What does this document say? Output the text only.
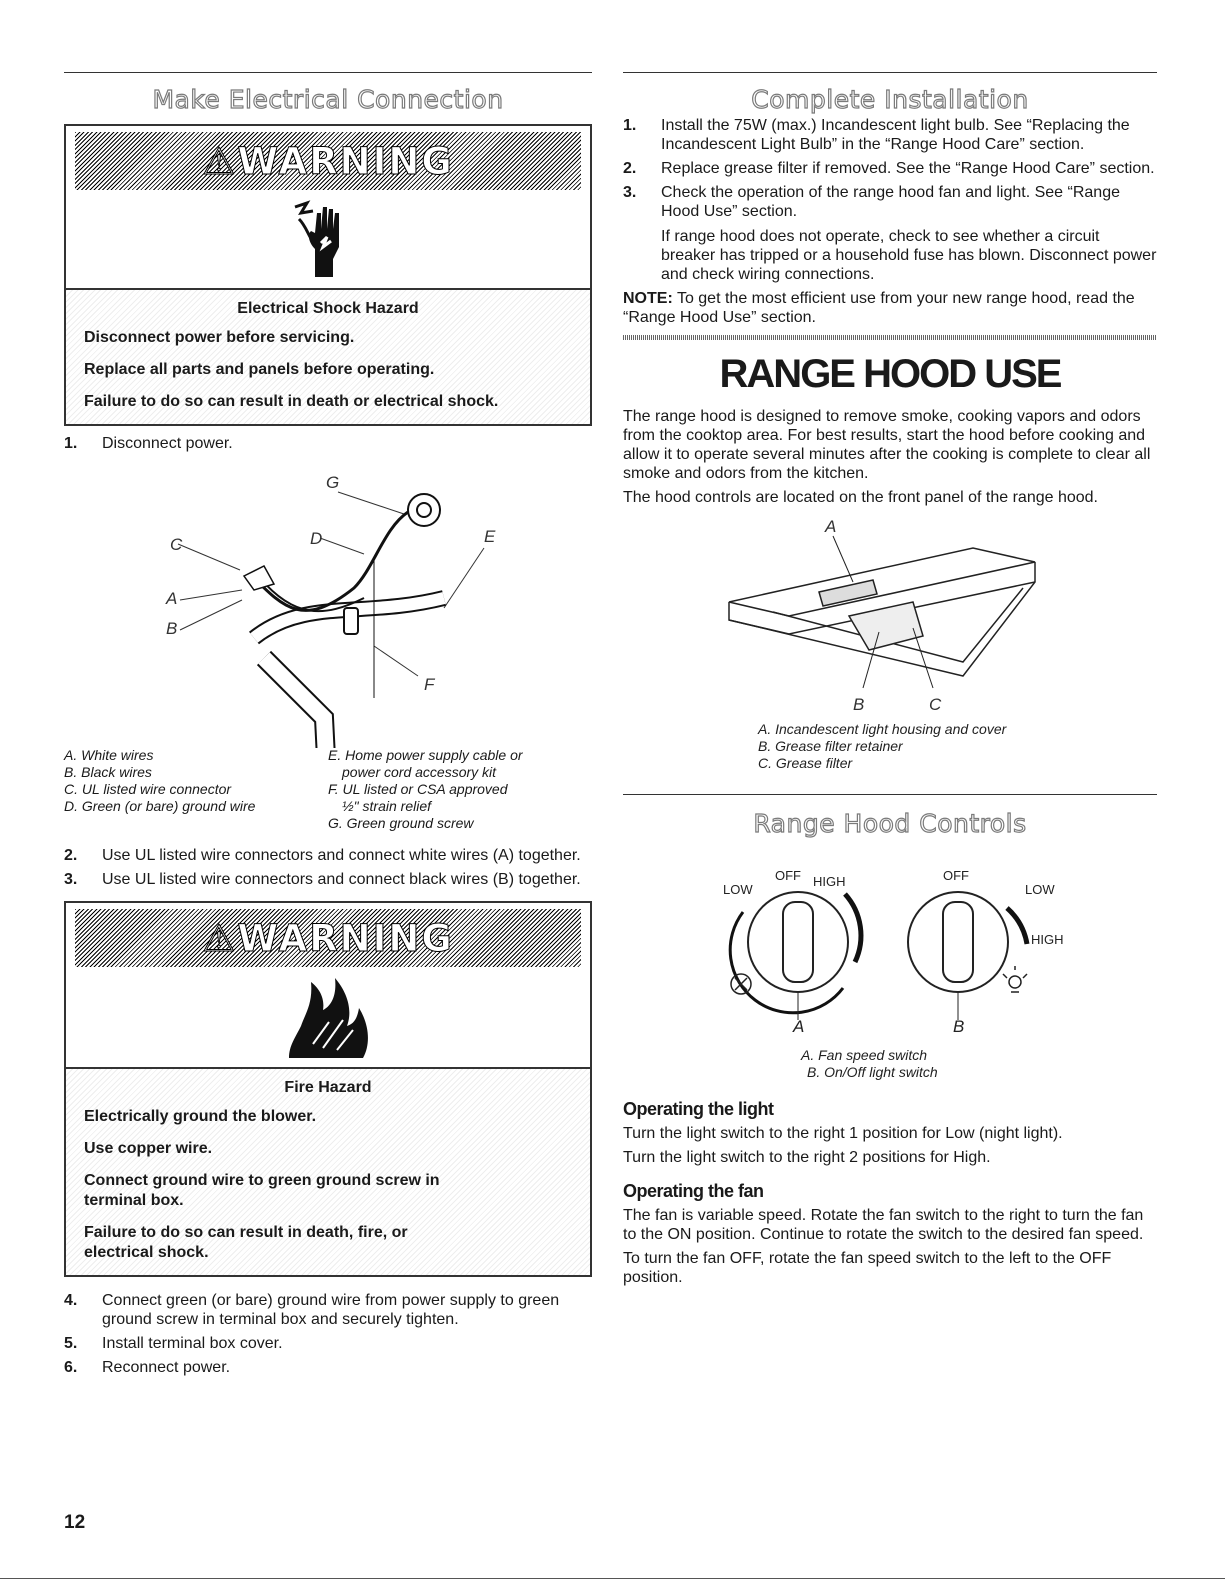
Make Electrical Connection
⚠WARNING
Electrical Shock Hazard

Disconnect power before servicing.

Replace all parts and panels before operating.

Failure to do so can result in death or electrical shock.

1. Disconnect power.
G
C	D	E
A
B
F
A. White wires
B. Black wires
C. UL listed wire connector
D. Green (or bare) ground wire
E. Home power supply cable or
power cord accessory kit
F. UL listed or CSA approved
½" strain relief
G. Green ground screw
2. Use UL listed wire connectors and connect white wires (A) together.
3. Use UL listed wire connectors and connect black wires (B) together.
⚠WARNING
Fire Hazard

Electrically ground the blower.

Use copper wire.

Connect ground wire to green ground screw in terminal box.

Failure to do so can result in death, fire, or electrical shock.

4. Connect green (or bare) ground wire from power supply to green ground screw in terminal box and securely tighten.
5. Install terminal box cover.
6. Reconnect power.
Complete Installation
1. Install the 75W (max.) Incandescent light bulb. See “Replacing the Incandescent Light Bulb” in the “Range Hood Care” section.
2. Replace grease filter if removed. See the “Range Hood Care” section.
3. Check the operation of the range hood fan and light. See “Range Hood Use” section.
If range hood does not operate, check to see whether a circuit breaker has tripped or a household fuse has blown. Disconnect power and check wiring connections.

NOTE: To get the most efficient use from your new range hood, read the “Range Hood Use” section.

RANGE HOOD USE

The range hood is designed to remove smoke, cooking vapors and odors from the cooktop area. For best results, start the hood before cooking and allow it to operate several minutes after the cooking is complete to clear all smoke and odors from the kitchen.

The hood controls are located on the front panel of the range hood.

A
B	C
A. Incandescent light housing and cover
B. Grease filter retainer
C. Grease filter
Range Hood Controls
LOW
OFF HIGH
A
OFF
LOW
HIGH
B
A. Fan speed switch
B. On/Off light switch
Operating the light

Turn the light switch to the right 1 position for Low (night light).

Turn the light switch to the right 2 positions for High.

Operating the fan

The fan is variable speed. Rotate the fan switch to the right to turn the fan to the ON position. Continue to rotate the switch to the desired fan speed.

To turn the fan OFF, rotate the fan speed switch to the left to the OFF position.

12
